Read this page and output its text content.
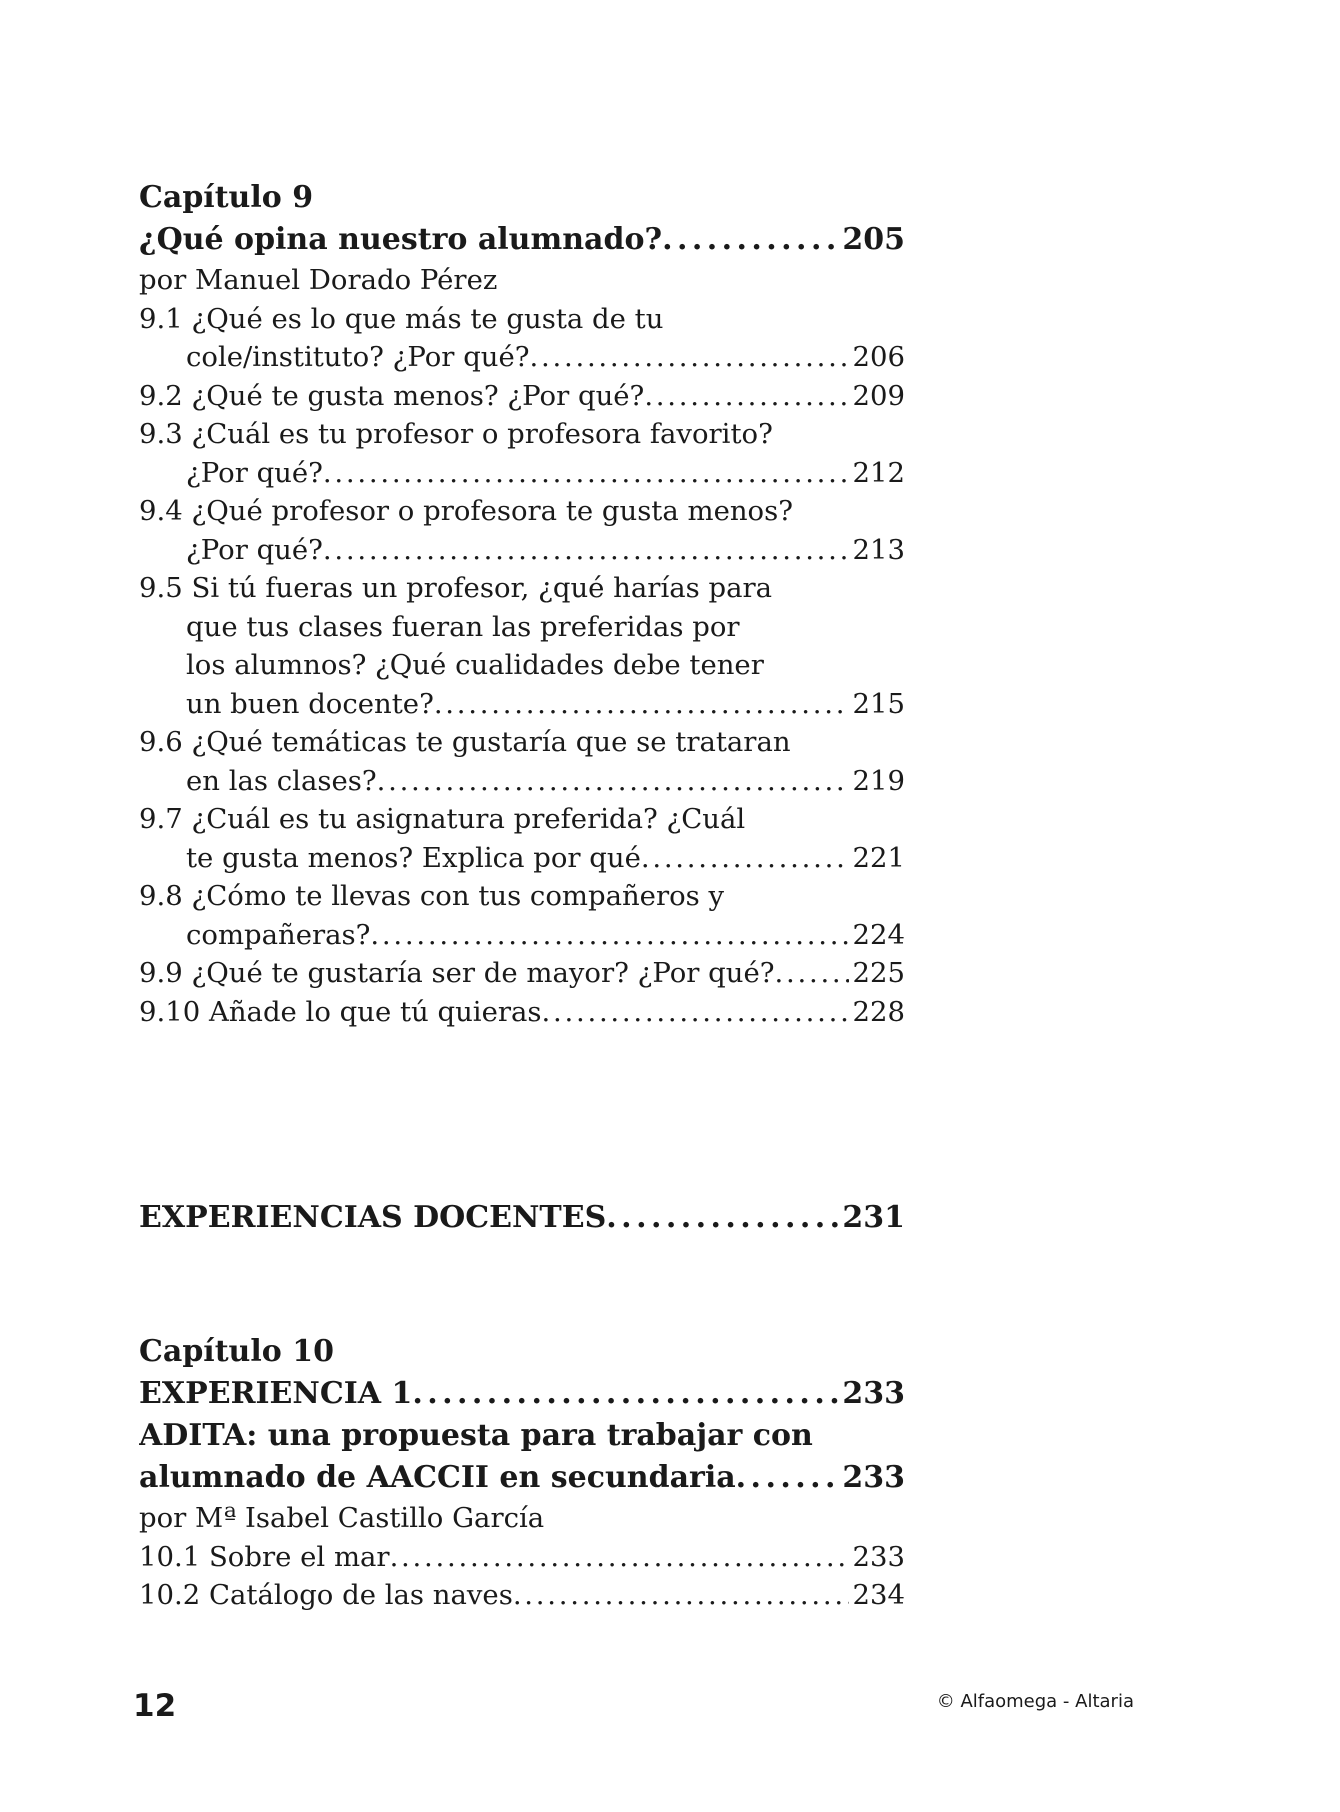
Capítulo 9
¿Qué opina nuestro alumnado? . . .	205
por Manuel Dorado Pérez
9.1 ¿Qué es lo que más te gusta de tu
cole/instituto? ¿Por qué? . . .	206
9.2 ¿Qué te gusta menos? ¿Por qué? . . .	209
9.3 ¿Cuál es tu profesor o profesora favorito?
¿Por qué? . . .	212
9.4 ¿Qué profesor o profesora te gusta menos?
¿Por qué? . . .	213
9.5 Si tú fueras un profesor, ¿qué harías para
que tus clases fueran las preferidas por
los alumnos? ¿Qué cualidades debe tener
un buen docente? . . .	215
9.6 ¿Qué temáticas te gustaría que se trataran
en las clases? . . .	219
9.7 ¿Cuál es tu asignatura preferida? ¿Cuál
te gusta menos? Explica por qué . . .	221
9.8 ¿Cómo te llevas con tus compañeros y
compañeras? . . .	224
9.9 ¿Qué te gustaría ser de mayor? ¿Por qué? . . .	225
9.10 Añade lo que tú quieras . . .	228
EXPERIENCIAS DOCENTES . . .	231
Capítulo 10
EXPERIENCIA 1 . . .	233
ADITA: una propuesta para trabajar con
alumnado de AACCII en secundaria . . .	233
por Mª Isabel Castillo García
10.1 Sobre el mar . . .	233
10.2 Catálogo de las naves . . .	234
12	© Alfaomega - Altaria
